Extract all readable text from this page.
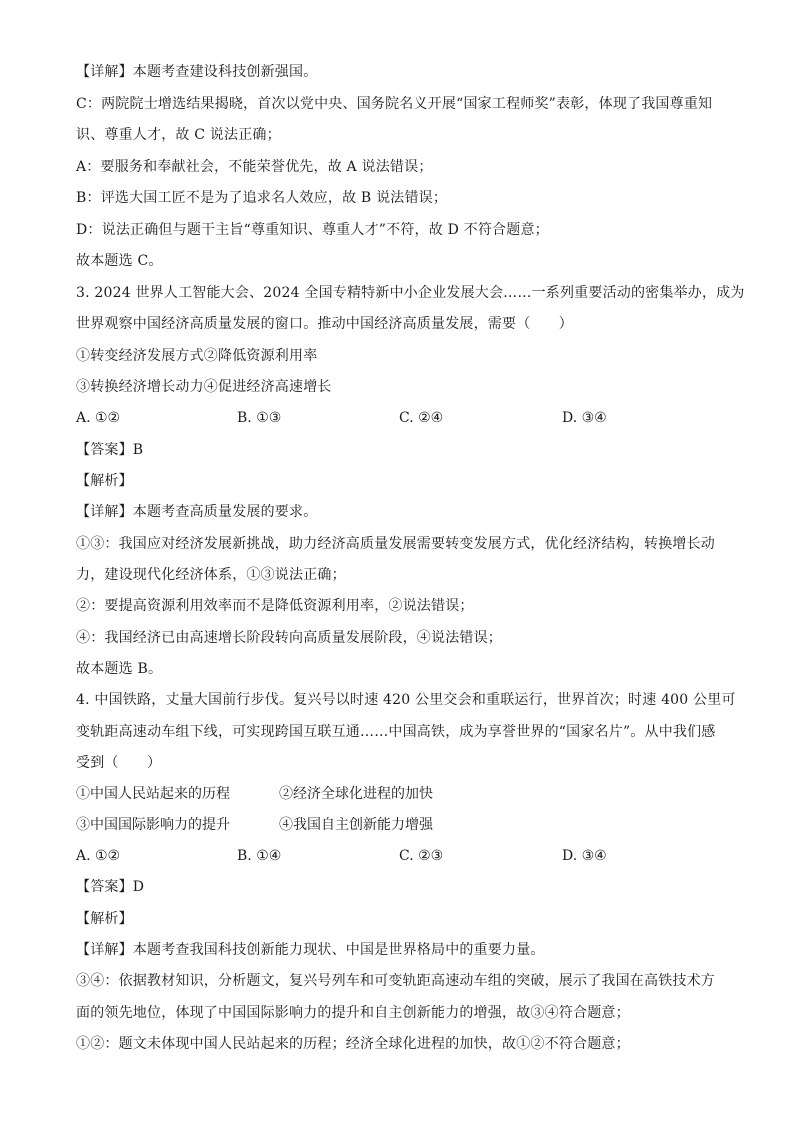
【详解】本题考查建设科技创新强国。
C：两院院士增选结果揭晓，首次以党中央、国务院名义开展“国家工程师奖”表彰，体现了我国尊重知
识、尊重人才，故 C 说法正确；
A：要服务和奉献社会，不能荣誉优先，故 A 说法错误；
B：评选大国工匠不是为了追求名人效应，故 B 说法错误；
D：说法正确但与题干主旨“尊重知识、尊重人才”不符，故 D 不符合题意；
故本题选 C。
3. 2024 世界人工智能大会、2024 全国专精特新中小企业发展大会……一系列重要活动的密集举办，成为
世界观察中国经济高质量发展的窗口。推动中国经济高质量发展，需要（　　）
①转变经济发展方式②降低资源利用率
③转换经济增长动力④促进经济高速增长
A. ①②	B. ①③	C. ②④	D. ③④
【答案】B
【解析】
【详解】本题考查高质量发展的要求。
①③：我国应对经济发展新挑战，助力经济高质量发展需要转变发展方式，优化经济结构，转换增长动
力，建设现代化经济体系，①③说法正确；
②：要提高资源利用效率而不是降低资源利用率，②说法错误；
④：我国经济已由高速增长阶段转向高质量发展阶段，④说法错误；
故本题选 B。
4. 中国铁路，丈量大国前行步伐。复兴号以时速 420 公里交会和重联运行，世界首次；时速 400 公里可
变轨距高速动车组下线，可实现跨国互联互通……中国高铁，成为享誉世界的“国家名片”。从中我们感
受到（　　）
①中国人民站起来的历程	②经济全球化进程的加快
③中国国际影响力的提升	④我国自主创新能力增强
A. ①②	B. ①④	C. ②③	D. ③④
【答案】D
【解析】
【详解】本题考查我国科技创新能力现状、中国是世界格局中的重要力量。
③④：依据教材知识，分析题文，复兴号列车和可变轨距高速动车组的突破，展示了我国在高铁技术方
面的领先地位，体现了中国国际影响力的提升和自主创新能力的增强，故③④符合题意；
①②：题文未体现中国人民站起来的历程；经济全球化进程的加快，故①②不符合题意；
